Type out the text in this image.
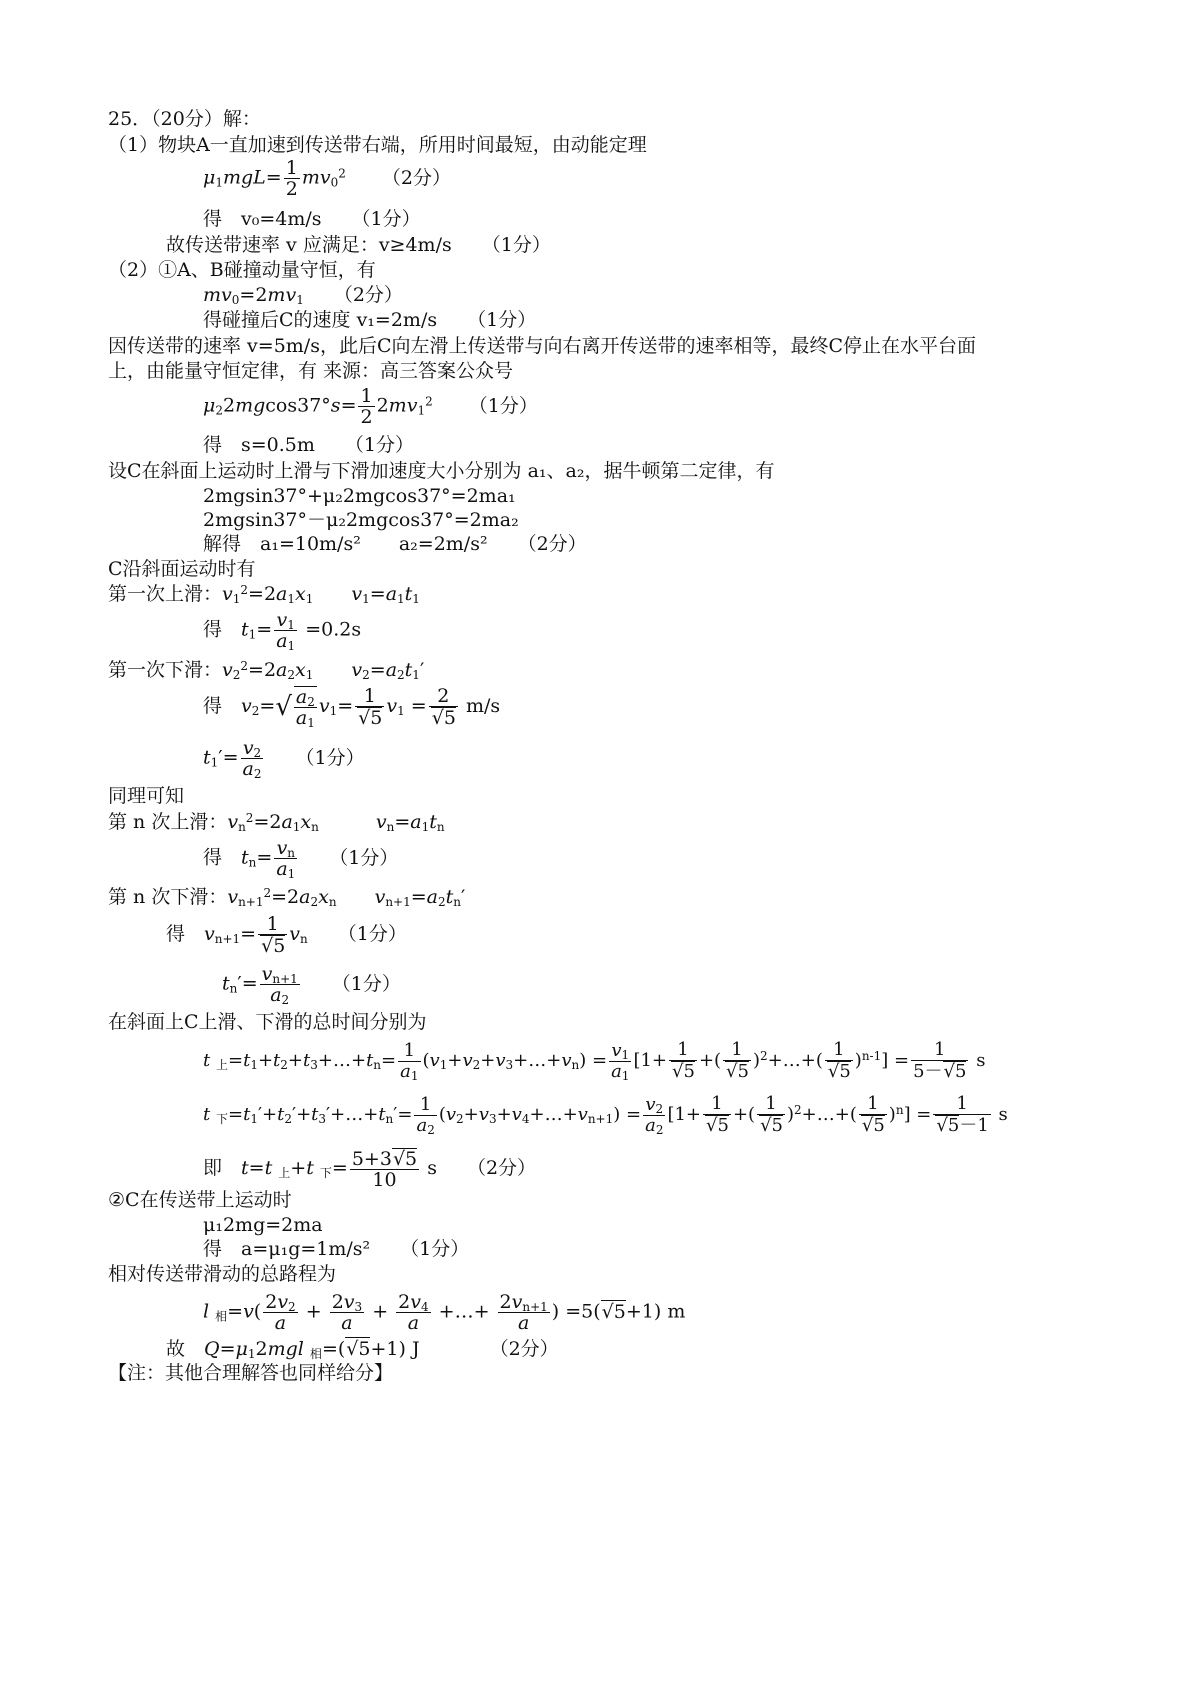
25．（20分）解：
（1）物块A一直加速到传送带右端，所用时间最短，由动能定理
$\mu_1mgL= \frac{1}{2} mv_0^2$ （2分）
得　v₀=4m/s （1分）
故传送带速率 v 应满足：v≥4m/s （1分）
（2）①A、B碰撞动量守恒，有
$mv_0=2mv_1$ （2分）
得碰撞后C的速度 v₁=2m/s （1分）
因传送带的速率 v=5m/s，此后C向左滑上传送带与向右离开传送带的速率相等，最终C停止在水平台面
上，由能量守恒定律，有 来源：高三答案公众号
$\mu_22mgcos37^\circ s= \frac{1}{2} 2mv_1^2$ （1分）
得　s=0.5m （1分）
设C在斜面上运动时上滑与下滑加速度大小分别为 a₁、a₂，据牛顿第二定律，有
2mgsin37°+μ₂2mgcos37°=2ma₁
2mgsin37°－μ₂2mgcos37°=2ma₂
解得　a₁=10m/s²　　a₂=2m/s² （2分）
C沿斜面运动时有
第一次上滑：$v_1^2=2a_1x_1$　　 $v_1=a_1t_1$
得　$t_1= \frac{v_1}{a_1} =0.2s$
第一次下滑：$v_2^2=2a_2x_1$　　 $v_2=a_2t_1'$
得　$v_2=√ \frac{a_2}{a_1} v_1= 1$
√ 5 $v_1 = 2$
√ 5 m/s
$t_1'= \frac{v_2}{a_2} (1$分）
同理可知
第 n 次上滑：$v_n^2=2a_1x_n$　　　	$v_n=a_1t_n$
得　$t_n= \frac{v_n}{a_1} (1$分）
第 n 次下滑：$v_{n+1}^2=2a_2x_n$　　 $v_{n+1}=a_2t_n'$
得　$v_{n+1}= 1$
√ 5 $v_n$ （1分）
$t_n'= \frac{v_{n+1}}{a_2} (1$分）
在斜面上C上滑、下滑的总时间分别为
t $_上=t_1+t_2+t_3+\dots+t_n= \frac{1}{a_1}$ $(v_1+v_2+v_3+\dots+v_n) = \frac{v_1}{a_1} [1+ 1$
√ 5 +( 1
√ 5 )$^2$+…+( 1
√ 5 )$^{n-1}] = \frac{1}{5- √ 5}$ s
t $_下=t_1'+t_2'+t_3'+\dots+t_n'= \frac{1}{a_2}$ $(v_2+v_3+v_4+\dots+v_{n+1}) = \frac{v_2}{a_2} [1+ 1$
√ 5 +( 1
√ 5 )$^2$+…+( 1
√ 5 )$^n$] = 1
√ 5－1 s
即　t=t $_上$+t $_下= \frac{5+3 √ 5}{10}$ s （2分）
②C在传送带上运动时
μ₁2mg=2ma
得　a=μ₁g=1m/s² （1分）
相对传送带滑动的总路程为
l $_相=v( \frac{2v_2}{a} + \frac{2v_3}{a} + \frac{2v_4}{a}$ +…+ $\frac{2v_{n+1}}{a}$ ) =5( √ 5+1) m
故　$Q=\mu_12mgl$ $_相$=( √ 5+1) J	（2分）
【注：其他合理解答也同样给分】
